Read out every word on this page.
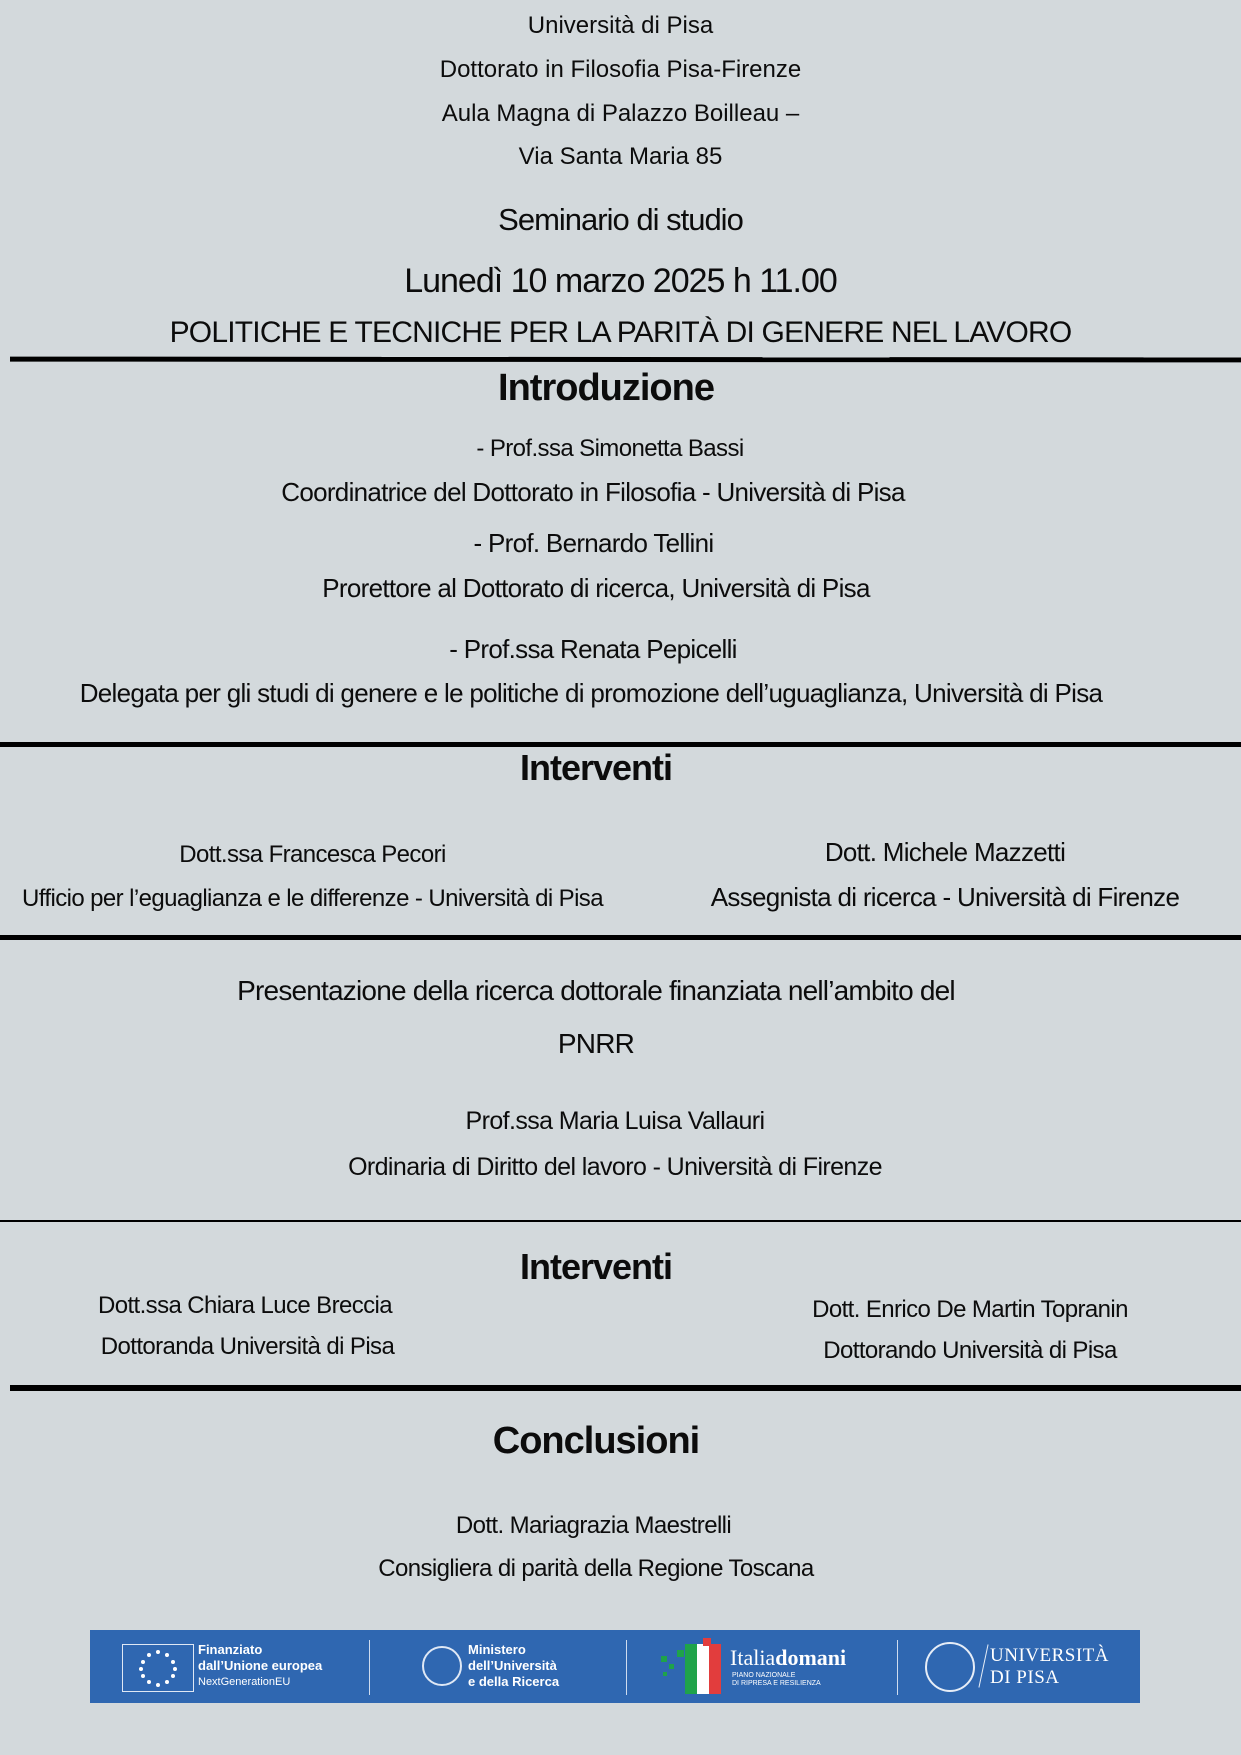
Università di Pisa
Dottorato in Filosofia Pisa-Firenze
Aula Magna di Palazzo Boilleau –
Via Santa Maria 85
Seminario di studio
Lunedì 10 marzo 2025 h 11.00
POLITICHE E TECNICHE PER LA PARITÀ DI GENERE NEL LAVORO
Introduzione
- Prof.ssa Simonetta Bassi
Coordinatrice del Dottorato in Filosofia - Università di Pisa
- Prof. Bernardo Tellini
Prorettore al Dottorato di ricerca, Università di Pisa
- Prof.ssa Renata Pepicelli
Delegata per gli studi di genere e le politiche di promozione dell’uguaglianza, Università di Pisa
Interventi
Dott.ssa Francesca Pecori
Ufficio per l’eguaglianza e le differenze - Università di Pisa
Dott. Michele Mazzetti
Assegnista di ricerca - Università di Firenze
Presentazione della ricerca dottorale finanziata nell’ambito del
PNRR
Prof.ssa Maria Luisa Vallauri
Ordinaria di Diritto del lavoro - Università di Firenze
Interventi
Dott.ssa Chiara Luce Breccia
Dottoranda Università di Pisa
Dott. Enrico De Martin Topranin
Dottorando Università di Pisa
Conclusioni
Dott. Mariagrazia Maestrelli
Consigliera di parità della Regione Toscana
Finanziato
dall’Unione europea
NextGenerationEU
Ministero
dell’Università
e della Ricerca
Italiadomani
PIANO NAZIONALE
DI RIPRESA E RESILIENZA
UNIVERSITÀ
DI PISA
